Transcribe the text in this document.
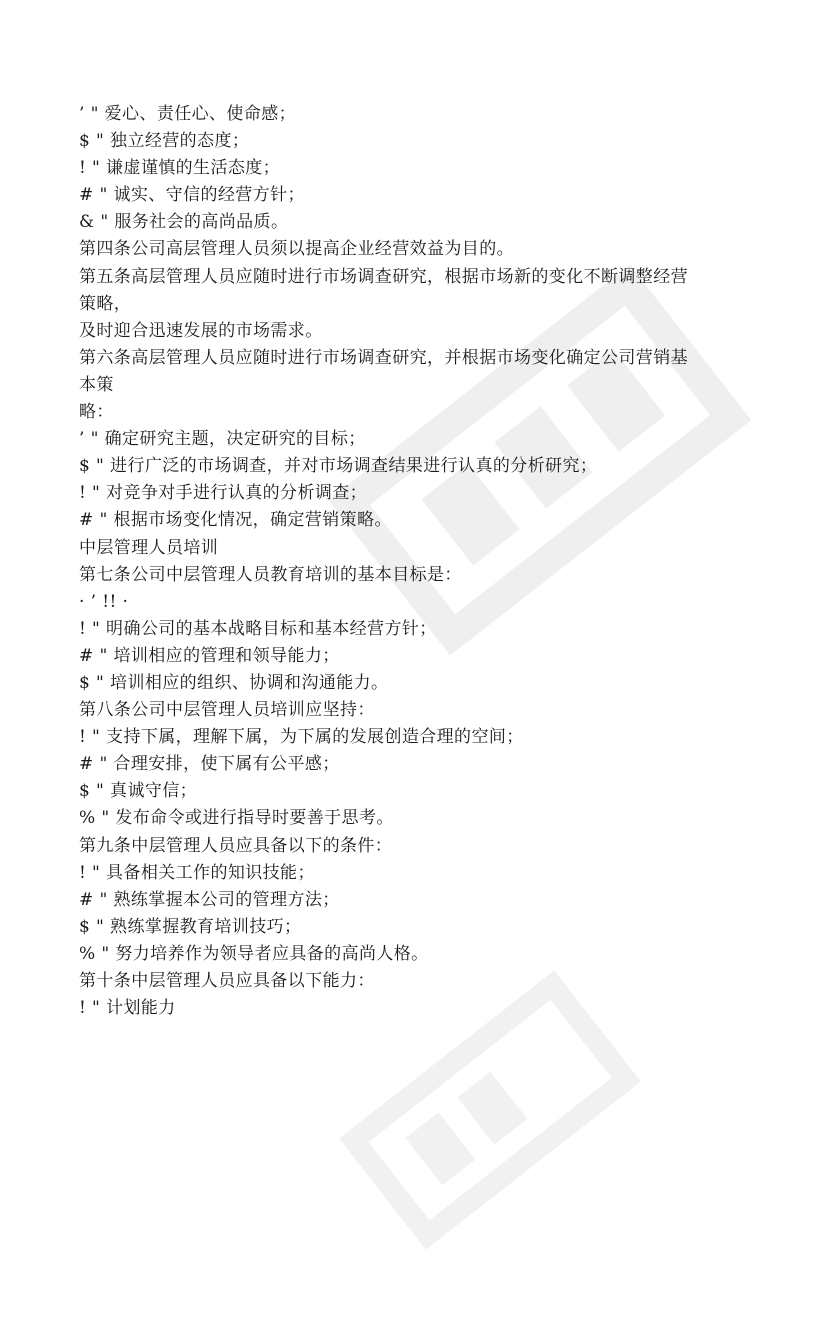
’ " 爱心、责任心、使命感；
$ " 独立经营的态度；
! " 谦虚谨慎的生活态度；
# " 诚实、守信的经营方针；
& " 服务社会的高尚品质。
第四条公司高层管理人员须以提高企业经营效益为目的。
第五条高层管理人员应随时进行市场调查研究，根据市场新的变化不断调整经营
策略，
及时迎合迅速发展的市场需求。
第六条高层管理人员应随时进行市场调查研究，并根据市场变化确定公司营销基
本策
略：
’ " 确定研究主题，决定研究的目标；
$ " 进行广泛的市场调查，并对市场调查结果进行认真的分析研究；
! " 对竞争对手进行认真的分析调查；
# " 根据市场变化情况，确定营销策略。
中层管理人员培训
第七条公司中层管理人员教育培训的基本目标是：
· ’ !! ·
! " 明确公司的基本战略目标和基本经营方针；
# " 培训相应的管理和领导能力；
$ " 培训相应的组织、协调和沟通能力。
第八条公司中层管理人员培训应坚持：
! " 支持下属，理解下属，为下属的发展创造合理的空间；
# " 合理安排，使下属有公平感；
$ " 真诚守信；
% " 发布命令或进行指导时要善于思考。
第九条中层管理人员应具备以下的条件：
! " 具备相关工作的知识技能；
# " 熟练掌握本公司的管理方法；
$ " 熟练掌握教育培训技巧；
% " 努力培养作为领导者应具备的高尚人格。
第十条中层管理人员应具备以下能力：
! " 计划能力
